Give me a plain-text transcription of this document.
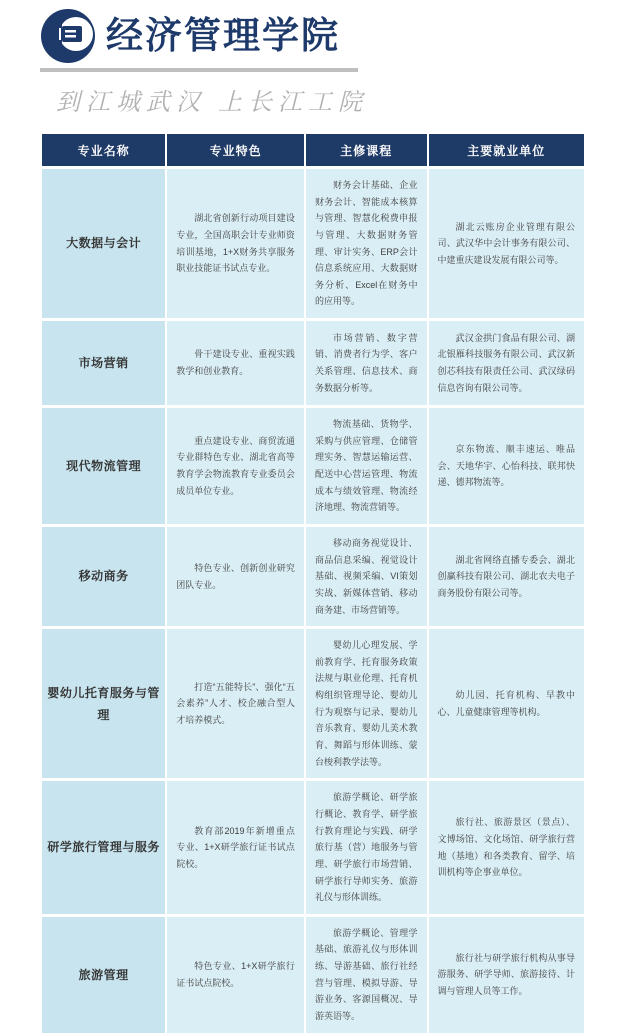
经济管理学院
到江城武汉 上长江工院
专业名称	专业特色	主修课程	主要就业单位
大数据与会计	湖北省创新行动项目建设专业，全国高职会计专业师资培训基地，1+X财务共享服务职业技能证书试点专业。	财务会计基础、企业财务会计、智能成本核算与管理、智慧化税费申报与管理、大数据财务管理、审计实务、ERP会计信息系统应用、大数据财务分析、Excel在财务中的应用等。	湖北云账房企业管理有限公司、武汉华中会计事务有限公司、中建重庆建设发展有限公司等。
市场营销	骨干建设专业、重视实践教学和创业教育。	市场营销、数字营销、消费者行为学、客户关系管理、信息技术、商务数据分析等。	武汉金拱门食品有限公司、湖北银雁科技服务有限公司、武汉新创芯科技有限责任公司、武汉绿码信息咨询有限公司等。
现代物流管理	重点建设专业、商贸流通专业群特色专业、湖北省高等教育学会物流教育专业委员会成员单位专业。	物流基础、货物学、采购与供应管理、仓储管理实务、智慧运输运营、配送中心营运管理、物流成本与绩效管理、物流经济地理、物流营销等。	京东物流、顺丰速运、唯品会、天地华宇、心怡科技、联邦快递、德邦物流等。
移动商务	特色专业、创新创业研究团队专业。	移动商务视觉设计、商品信息采编、视觉设计基础、视频采编、VI策划实战、新媒体营销、移动商务建、市场营销等。	湖北省网络直播专委会、湖北创赢科技有限公司、湖北农夫电子商务股份有限公司等。
婴幼儿托育服务与管理	打造“五能特长”、强化“五会素养”人才、校企融合型人才培养模式。	婴幼儿心理发展、学前教育学、托育服务政策法规与职业伦理、托育机构组织管理导论、婴幼儿行为观察与记录、婴幼儿音乐教育、婴幼儿美术教育、舞蹈与形体训练、蒙台梭利教学法等。	幼儿园、托育机构、早教中心、儿童健康管理等机构。
研学旅行管理与服务	教育部2019年新增重点专业、1+X研学旅行证书试点院校。	旅游学概论、研学旅行概论、教育学、研学旅行教育理论与实践、研学旅行基（营）地服务与管理、研学旅行市场营销、研学旅行导师实务、旅游礼仪与形体训练。	旅行社、旅游景区（景点）、文博场馆、文化场馆、研学旅行营地（基地）和各类教育、留学、培训机构等企事业单位。
旅游管理	特色专业、1+X研学旅行证书试点院校。	旅游学概论、管理学基础、旅游礼仪与形体训练、导游基础、旅行社经营与管理、模拟导游、导游业务、客源国概况、导游英语等。	旅行社与研学旅行机构从事导游服务、研学导师、旅游接待、计调与管理人员等工作。
